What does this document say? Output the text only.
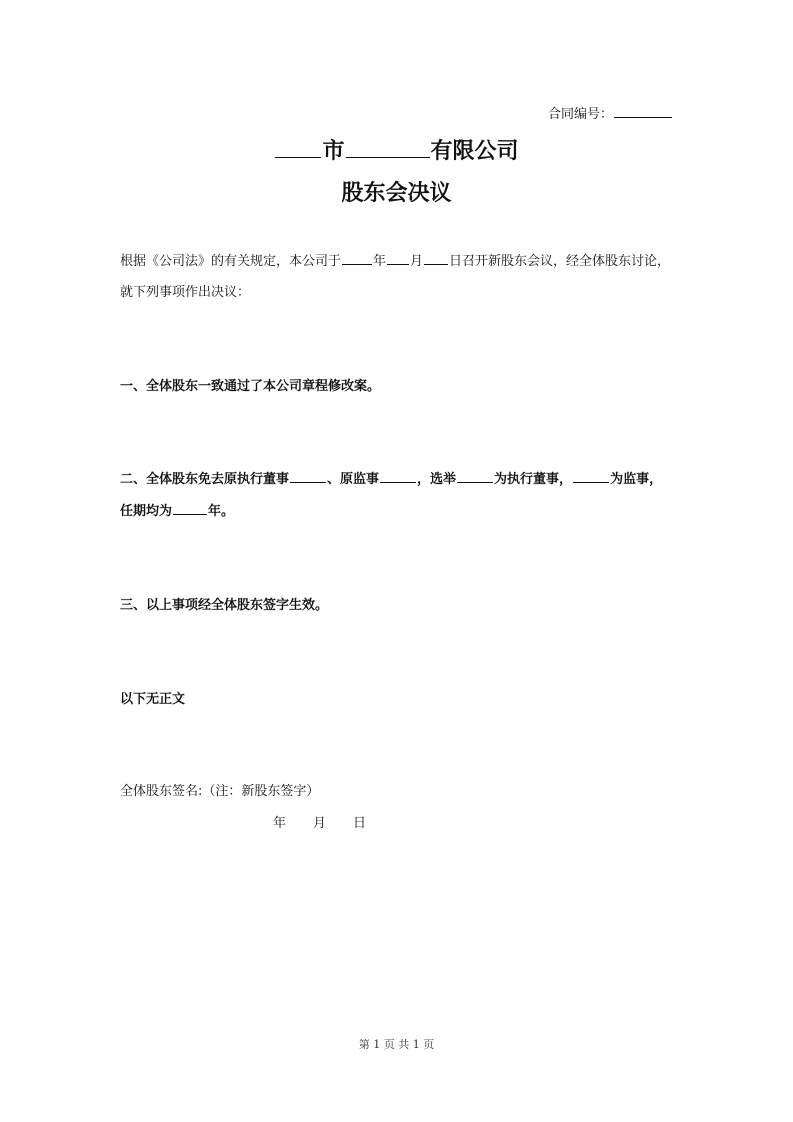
合同编号：
市	有限公司
股东会决议
根据《公司法》的有关规定，本公司于 年 月 日召开新股东会议，经全体股东讨论，
就下列事项作出决议：
一、全体股东一致通过了本公司章程修改案。
二、全体股东免去原执行董事	、原监事	，选举	为执行董事，	为监事，
任期均为	年。
三、以上事项经全体股东签字生效。
以下无正文
全体股东签名:（注：新股东签字）
年 月 日
第 1 页 共 1 页
